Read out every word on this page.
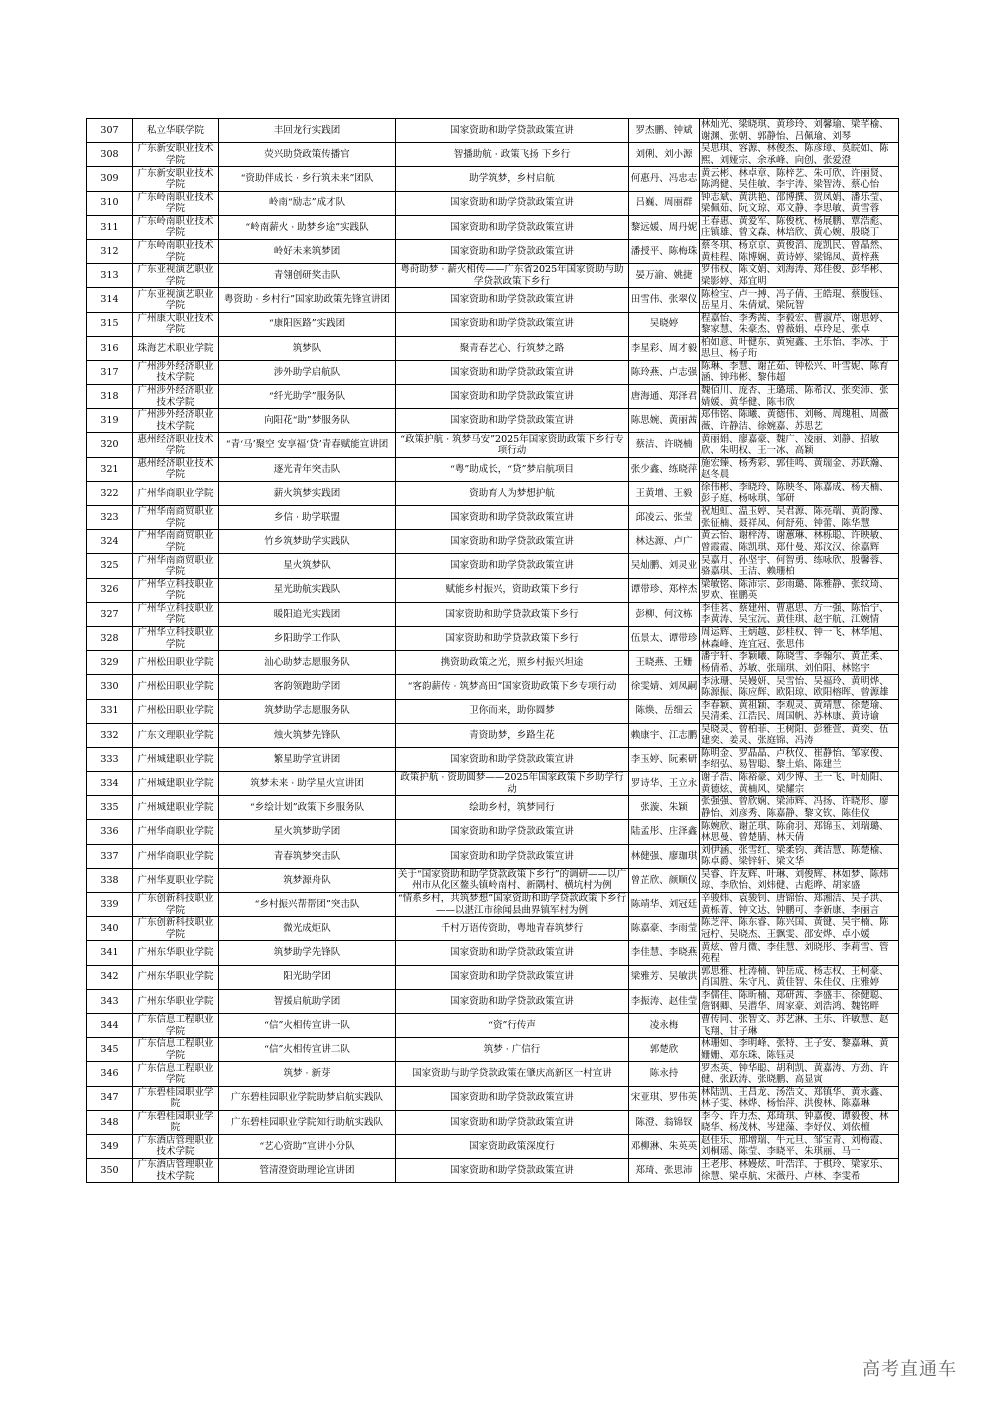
307	私立华联学院	丰回龙行实践团	国家资助和助学贷款政策宣讲	罗杰鹏、钟斌	林灿光、梁晓琪、黄珍玲、刘馨瑜、梁芊榆、谢渊、张朝、郭静怡、吕佩瑜、刘琴
308	广东新安职业技术学院	荧兴助贷政策传播官	智播助航 · 政策飞扬 下乡行	刘俐、刘小源	吴思琪、容源、林俊杰、陈彦璋、莫皖如、陈熙、刘娅宗、余承峰、向创、张爱澄
309	广东新安职业技术学院	“资助伴成长 · 乡行筑未来”团队	助学筑梦，乡村启航	何惠丹、冯忠志	黄云彬、林卓章、陈梓艺、朱可欣、许丽贤、陈鸿健、吴佳敏、李宇涛、梁智涛、蔡心怡
310	广东岭南职业技术学院	岭南“励志”成才队	国家资助和助学贷款政策宣讲	吕巍、周丽群	钟志斌、黄洪艳、邵博撰、贺凤娟、潘乐莹、梁佩茹、阮文琼、邓文静、李思敏、黄雪蓉
311	广东岭南职业技术学院	“岭南薪火 · 助梦乡途”实践队	国家资助和助学贷款政策宣讲	黎远媛、周丹妮	王春惠、黄爱军、陈俊枕、杨展鹏、覃浩彪、庄镇雄、曾文森、林培欣、黄心婉、殷晓丁
312	广东岭南职业技术学院	岭好未来筑梦团	国家资助和助学贷款政策宣讲	潘授平、陈梅珠	蔡冬琪、杨京京、黄俊滔、庞凯民、曾晶然、黄桂程、陈博娴、黄诗婷、梁锦凤、黄梓燕
313	广东亚视演艺职业学院	青翎创研奖击队	粤莳助梦 · 薪火相传——广东省2025年国家资助与助学贷款政策下乡行	晏万渝、姚捷	罗伟权、陈文娟、刘海涛、郑佳俊、彭华彬、梁影婷、郑宜明
314	广东亚视演艺职业学院	粤资助 · 乡村行”国家助政策先锋宣讲团	国家资助和助学贷款政策宣讲	田雪伟、张翠仪	陈检宝、卢一搏、冯子倩、王皓琨、蔡腹钰、岳星月、朱倩斌、梁阮智
315	广州康大职业技术学院	“康阳医路”实践团	国家资助和助学贷款政策宣讲	吴晓婷	程嘉怡、李秀茜、李毅宏、曹淑芹、谢思婷、黎家慧、朱豪杰、曾薇娟、卓玲足、张卓
316	珠海艺术职业学院	筑梦队	聚青春艺心、行筑梦之路	李星彩、周才毅	柏如意、叶健东、黄宛鑫、王乐怡、李冰、于思旦、杨子珩
317	广州涉外经济职业技术学院	涉外助学启航队	国家资助和助学贷款政策宣讲	陈玲燕、卢志强	陈琳、李慧、谢芷茹、钟松兴、叶雪妮、陈育涵、钟玮彬、黎伟超
318	广州涉外经济职业技术学院	“纤光助学”服务队	国家资助和助学贷款政策宣讲	唐海通、郑泽君	魏佰川、庞杏、王璐瑶、陈希汉、张奕沛、张婧媛、黄华健、陈韦欣
319	广州涉外经济职业技术学院	向阳花“助”梦服务队	国家资助和助学贷款政策宣讲	陈思婉、黄丽茜	郑伟铭、陈曦、黄德伟、刘畅、周瑰租、周薇薇、许静洁、徐婉嘉、苏思艺
320	惠州经济职业技术学院	“青‘马’聚空 安享福‘贷’青春赋能宣讲团	“政策护航 · 筑梦马安”2025年国家资助政策下乡行专项行动	蔡洁、许晓楠	黄丽娟、廖嘉豪、魏广、凌丽、刘静、招敏欣、朱明权、王一冰、高颖
321	惠州经济职业技术学院	逐光青年突击队	“粤”助成长，“贷”梦启航项目	张少鑫、练晓萍	施宏臻、杨秀彩、郭佳鸣、黄瑞金、苏跃瀚、赵冬晨
322	广州华商职业学院	薪火筑梦实践团	资助育人为梦想护航	王黄增、王毅	徐伟彬、李晓玲、陈映冬、陈嘉成、杨天楠、彭子庭、杨咏琪、邹研
323	广州华南商贸职业学院	乡信 · 助学联盟	国家资助和助学贷款政策宣讲	邱凌云、张莹	祝旭虹、温玉婷、吴君源、陈亮端、黄韵豫、张征楠、聂祥凤、何舒苑、钟蕾、陈华慧
324	广州华南商贸职业学院	竹乡筑梦助学实践队	国家资助和助学贷款政策宣讲	林达源、卢广	黄云怡、谢梓涛、谢蕙琳、林栎聪、许映敏、曾霞霞、陈凯琪、郑什曼、郑汶汉、徐嘉辉
325	广州华南商贸职业学院	星火筑梦队	国家资助和助学贷款政策宣讲	吴灿鹏、刘灵业	吴嘉月、孙坚宇、何智勇、练咏欣、殷馨蓉、骆嘉琪、王洁、赖珊柏
326	广州华立科技职业学院	星光助航实践队	赋能乡村振兴，资助政策下乡行	谭带珍、郑梓杰	梁敏铭、陈沛宗、彭雨璐、陈雅静、张纹琦、罗欢、崔鹏英
327	广州华立科技职业学院	暖阳追光实践团	国家资助和助学贷款政策下乡行	彭柳、何汶栋	李佳茗、蔡建州、曹惠思、方一强、陈怡宁、李黄涛、吴宝沅、黄佳琪、赵宇航、江婉情
328	广州华立科技职业学院	乡阳助学工作队	国家资助和助学贷款政策下乡行	伍景太、谭带珍	周运辉、王炳越、彭桂权、钟一飞、林华旭、林森峰、连宜冠、张思伟
329	广州松田职业学院	汕心助梦志愿服务队	携资助政策之光，照乡村振兴坦途	王晓燕、王姗	潘宇轩、李颖曦、陈晓雪、李翰尔、黄芷柔、杨倩希、苏敏、张瑞琪、刘伯阳、林铭宇
330	广州松田职业学院	客韵领跑助学团	“客韵薪传 · 筑梦高田”国家资助政策下乡专项行动	徐雯婧、刘凤嗣	李泳珊、吴嫚妍、吴雪怡、吴福玲、黄明烨、陈源振、陈应辉、欧阳琼、欧阳榕晖、曾源雄
331	广州松田职业学院	筑梦助学志愿服务队	卫你而来，助你圆梦	陈焕、岳细云	李春颖、黄祖颖、李观灵、黄靖慧、徐楚瑜、吴清柔、江浩民、周国帆、苏林康、黄诗谕
332	广东文理职业学院	烛火筑梦先锋队	青资助梦，乡路生花	赖康宇、江志鹏	吴晓灵、曾柏菲、王树阳、彭雅萱、黄奕、伍建奕、姜灵、张庭锦、冯涛
333	广州城建职业学院	繁星助学宣讲团	国家资助和助学贷款政策宣讲	李玉婷、阮素研	陈明金、罗晶晶、卢秋仪、崔静怡、邹家俊、李绍弘、易智聪、黎土焰、陈建兰
334	广州城建职业学院	筑梦未来 · 助学星火宣讲团	政策护航 · 资助圆梦——2025年国家政策下乡助学行动	罗诗华、王立永	谢子浩、陈裕豪、刘少博、王一飞、叶灿阳、黄德炫、黄楠风、梁耀宗
335	广州城建职业学院	“乡绘计划”政策下乡服务队	绘助乡村，筑梦同行	张漩、朱颖	张强强、曾欣娴、梁沛辉、冯扬、许晓形、廖静怡、刘彦秀、陈嘉静、黎文钦、陈佳仪
336	广州华商职业学院	星火筑梦助学团	国家资助和助学贷款政策宣讲	陆孟彤、庄泽鑫	陈婉欣、谢芷琪、陈俞羽、郑锦玉、刘瑞璐、林思曼、曾楚腈、林天倩
337	广州华商职业学院	青春筑梦突击队	国家资助和助学贷款政策宣讲	林健强、廖珈琪	刘伊涵、张雪红、梁柔钧、龚洁慧、陈楚榆、陈卓爵、梁锌轩、梁文华
338	广州华夏职业学院	筑梦源舟队	关于“国家资助和助学贷款政策下乡行”的调研——以广州市从化区鳌头镇岭南村、新隅村、横坑村为例	曾芷欣、颜顺仪	吴睿、许友辉、叶琳、刘俊辉、林如梦、陈炜琼、李欣怡、刘炜健、古彪晔、胡家盛
339	广东创新科技职业学院	“乡村振兴帮帮团”突击队	“情系乡村，共筑梦想”国家资助和助学贷款政策下乡行——以湛江市徐闻县曲界镇军村为例	陈靖华、刘冠廷	辛骏炜、袁骏钊、唐锦怡、郑湘洁、吴子洪、黄栎菁、钟文达、钟鹏可、李新康、李丽言
340	广东创新科技职业学院	微光成炬队	千村万语传资助，粤地青春筑梦行	陈嘉豪、李雨莹	陈芝萍、陈东睿、陈兴国、黄键、吴宇楠、陈冠柠、吴晓杰、王飘雯、邵安烨、卓小媛
341	广州东华职业学院	筑梦助学先锋队	国家资助和助学贷款政策宣讲	李佳慧、李晓燕	黄炫、曾月微、李佳慧、刘晓彤、李莉雪、管苑程
342	广州东华职业学院	阳光助学团	国家资助和助学贷款政策宣讲	梁雅芳、吴敏洪	郭思雅、杜涛楠、钟岳成、杨志权、王柯豪、肖国胜、朱守凡、黄佳智、朱佳仪、庄雅婷
343	广州东华职业学院	智援启航助学团	国家资助和助学贷款政策宣讲	李振涛、赵佳莹	李儒佳、陈昕楠、郑研茜、李盛丰、徐健聪、詹钢卿、吴潜华、周家豪、刘浩鸿、魏铭畔
344	广东信息工程职业学院	“信”火相传宣讲一队	“资”行传声	凌永梅	曹传同、张智文、苏艺淋、王乐、许敏慧、赵飞翔、甘子琳
345	广东信息工程职业学院	“信”火相传宣讲二队	筑梦 · 广信行	郭楚欣	林珊如、李明峰、张特、王子安、黎嘉琳、黄姗姗、邓东珠、陈钰灵
346	广东信息工程职业学院	筑梦 · 新芽	国家资助与助学贷款政策在肇庆高新区一村宣讲	陈永持	罗杰英、钟华聪、胡利凯、黄嘉涛、方劲、许健、张跃涛、张晓鹏、高显寅
347	广东碧桂园职业学院	广东碧桂园职业学院助梦启航实践队	国家资助和助学贷款政策宣讲	宋亚琪、罗伟英	林陆凯、王昌龙、汤浩文、郑镇华、黄永鑫、林子雯、林烨、杨怡萍、洪俊林、陈嘉琳
348	广东碧桂园职业学院	广东碧桂园职业学院知行助航实践队	国家资助和助学贷款政策宣讲	陈澄、翁锦钗	李今、许力杰、郑琦琪、钟嘉俊、谭毅俊、林晓华、杨茂林、岑建藻、李妤仪、刘依檀
349	广东酒店管理职业技术学院	“艺心资助”宣讲小分队	国家资助政策深度行	邓柳淋、朱英英	赵佳乐、邢增瑞、牛元旦、邹宝青、刘梅霞、刘桐瑶、陈莹、李晓平、朱琪丽、马一
350	广东酒店管理职业技术学院	管清澄资助理论宣讲团	国家资助和助学贷款政策宣讲	郑琦、张思沛	王老彤、林嫚炫、叶浩洋、于棋玲、梁家乐、徐慧、梁卓航、宋薇丹、卢林、李雯希
高考直通车
